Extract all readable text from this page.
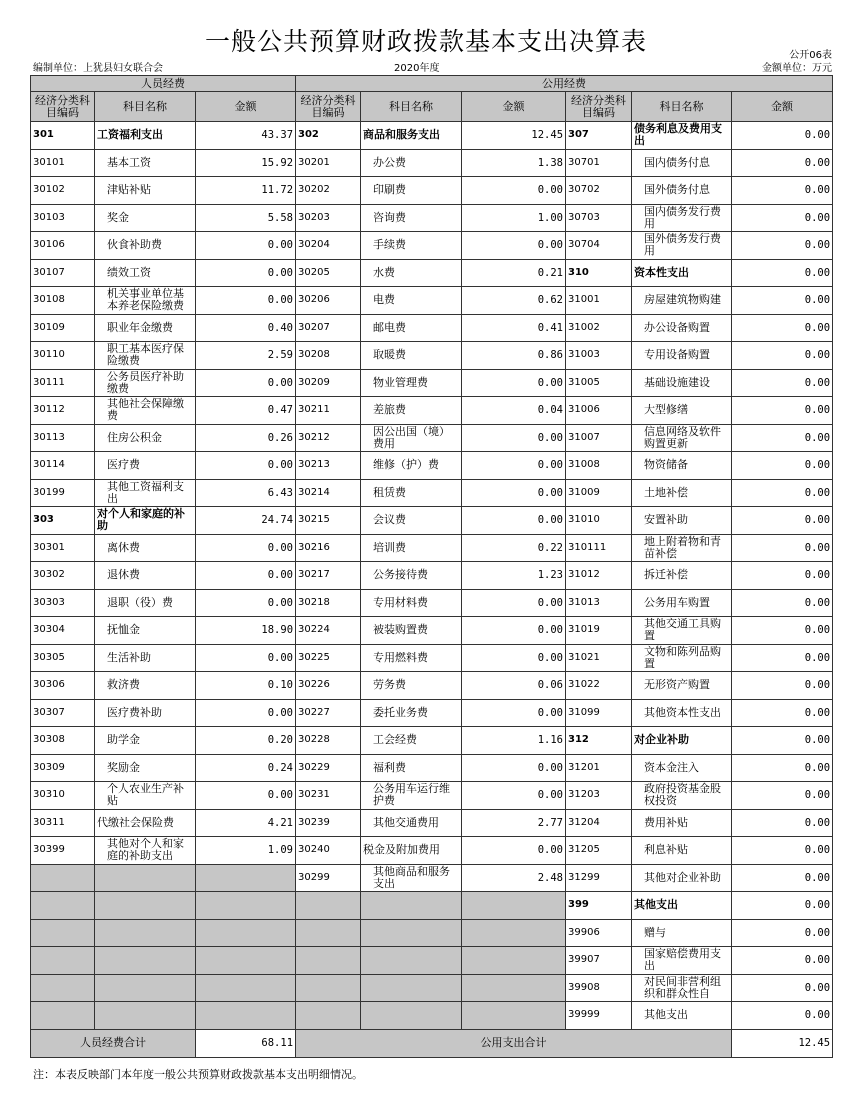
一般公共预算财政拨款基本支出决算表	公开06表
编制单位：上犹县妇女联合会	2020年度	金额单位：万元
人员经费			公用经费					
经济分类科目编码	科目名称	金额	经济分类科目编码	科目名称	金额	经济分类科目编码	科目名称	金额
301	工资福利支出	43.37	302	商品和服务支出	12.45	307	债务利息及费用支出	0.00
30101	基本工资	15.92	30201	办公费	1.38	30701	国内债务付息	0.00
30102	津贴补贴	11.72	30202	印刷费	0.00	30702	国外债务付息	0.00
30103	奖金	5.58	30203	咨询费	1.00	30703	国内债务发行费用	0.00
30106	伙食补助费	0.00	30204	手续费	0.00	30704	国外债务发行费用	0.00
30107	绩效工资	0.00	30205	水费	0.21	310	资本性支出	0.00
30108	机关事业单位基本养老保险缴费	0.00	30206	电费	0.62	31001	房屋建筑物购建	0.00
30109	职业年金缴费	0.40	30207	邮电费	0.41	31002	办公设备购置	0.00
30110	职工基本医疗保险缴费	2.59	30208	取暖费	0.86	31003	专用设备购置	0.00
30111	公务员医疗补助缴费	0.00	30209	物业管理费	0.00	31005	基础设施建设	0.00
30112	其他社会保障缴费	0.47	30211	差旅费	0.04	31006	大型修缮	0.00
30113	住房公积金	0.26	30212	因公出国（境）费用	0.00	31007	信息网络及软件购置更新	0.00
30114	医疗费	0.00	30213	维修（护）费	0.00	31008	物资储备	0.00
30199	其他工资福利支出	6.43	30214	租赁费	0.00	31009	土地补偿	0.00
303	对个人和家庭的补助	24.74	30215	会议费	0.00	31010	安置补助	0.00
30301	离休费	0.00	30216	培训费	0.22	310111	地上附着物和青苗补偿	0.00
30302	退休费	0.00	30217	公务接待费	1.23	31012	拆迁补偿	0.00
30303	退职（役）费	0.00	30218	专用材料费	0.00	31013	公务用车购置	0.00
30304	抚恤金	18.90	30224	被装购置费	0.00	31019	其他交通工具购置	0.00
30305	生活补助	0.00	30225	专用燃料费	0.00	31021	文物和陈列品购置	0.00
30306	救济费	0.10	30226	劳务费	0.06	31022	无形资产购置	0.00
30307	医疗费补助	0.00	30227	委托业务费	0.00	31099	其他资本性支出	0.00
30308	助学金	0.20	30228	工会经费	1.16	312	对企业补助	0.00
30309	奖励金	0.24	30229	福利费	0.00	31201	资本金注入	0.00
30310	个人农业生产补贴	0.00	30231	公务用车运行维护费	0.00	31203	政府投资基金股权投资	0.00
30311	代缴社会保险费	4.21	30239	其他交通费用	2.77	31204	费用补贴	0.00
30399	其他对个人和家庭的补助支出	1.09	30240	税金及附加费用	0.00	31205	利息补贴	0.00
			30299	其他商品和服务支出	2.48	31299	其他对企业补助	0.00
						399	其他支出	0.00
						39906	赠与	0.00
						39907	国家赔偿费用支出	0.00
						39908	对民间非营利组织和群众性自	0.00
						39999	其他支出	0.00
人员经费合计		68.11	公用支出合计					12.45
注：本表反映部门本年度一般公共预算财政拨款基本支出明细情况。
